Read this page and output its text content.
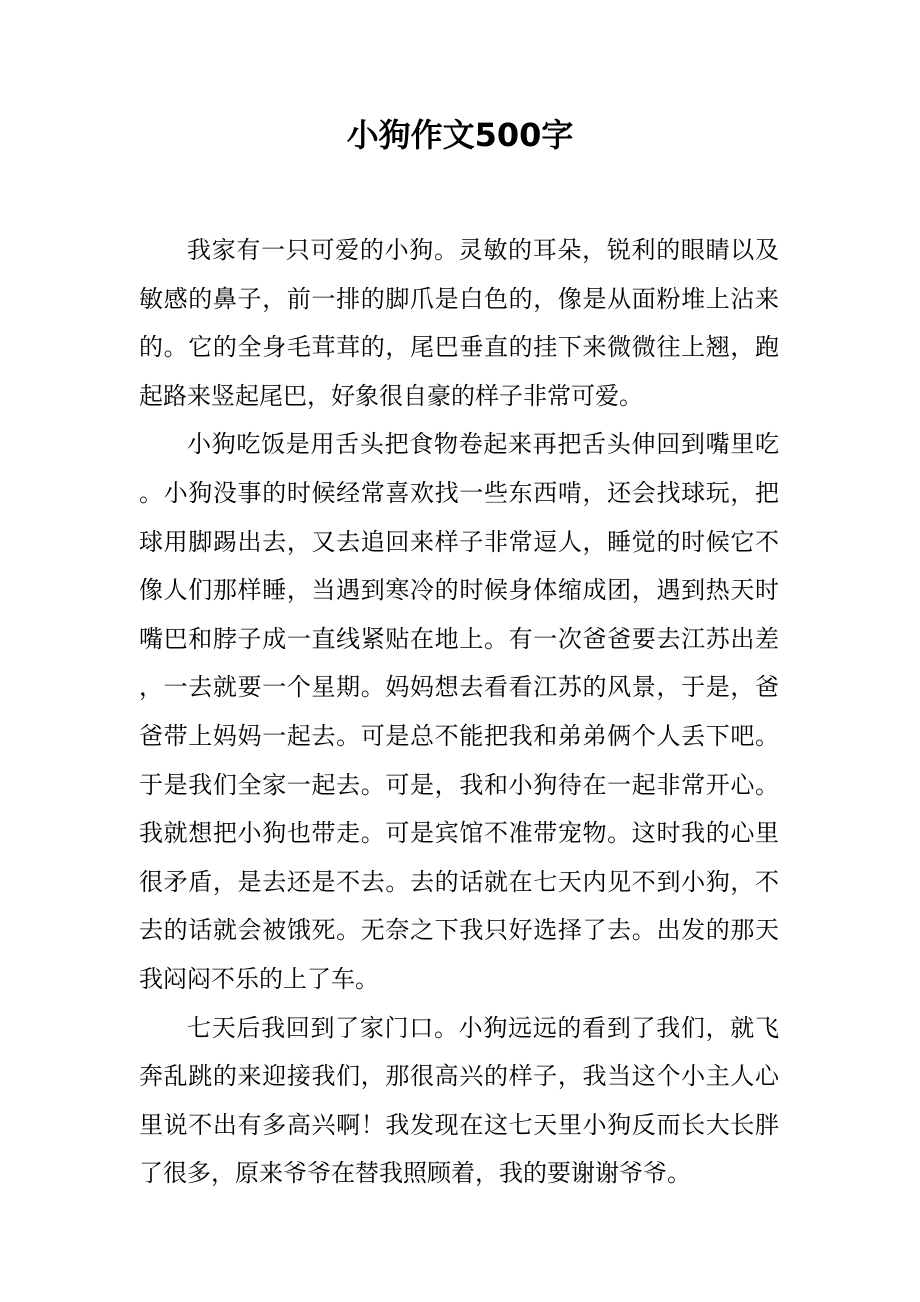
小狗作文500字

我家有一只可爱的小狗。灵敏的耳朵，锐利的眼睛以及敏感的鼻子，前一排的脚爪是白色的，像是从面粉堆上沾来的。它的全身毛茸茸的，尾巴垂直的挂下来微微往上翘，跑起路来竖起尾巴，好象很自豪的样子非常可爱。

小狗吃饭是用舌头把食物卷起来再把舌头伸回到嘴里吃。小狗没事的时候经常喜欢找一些东西啃，还会找球玩，把球用脚踢出去，又去追回来样子非常逗人，睡觉的时候它不像人们那样睡，当遇到寒冷的时候身体缩成团，遇到热天时嘴巴和脖子成一直线紧贴在地上。有一次爸爸要去江苏出差，一去就要一个星期。妈妈想去看看江苏的风景，于是，爸爸带上妈妈一起去。可是总不能把我和弟弟俩个人丢下吧。于是我们全家一起去。可是，我和小狗待在一起非常开心。我就想把小狗也带走。可是宾馆不准带宠物。这时我的心里很矛盾，是去还是不去。去的话就在七天内见不到小狗，不去的话就会被饿死。无奈之下我只好选择了去。出发的那天我闷闷不乐的上了车。

七天后我回到了家门口。小狗远远的看到了我们，就飞奔乱跳的来迎接我们，那很高兴的样子，我当这个小主人心里说不出有多高兴啊！我发现在这七天里小狗反而长大长胖了很多，原来爷爷在替我照顾着，我的要谢谢爷爷。
